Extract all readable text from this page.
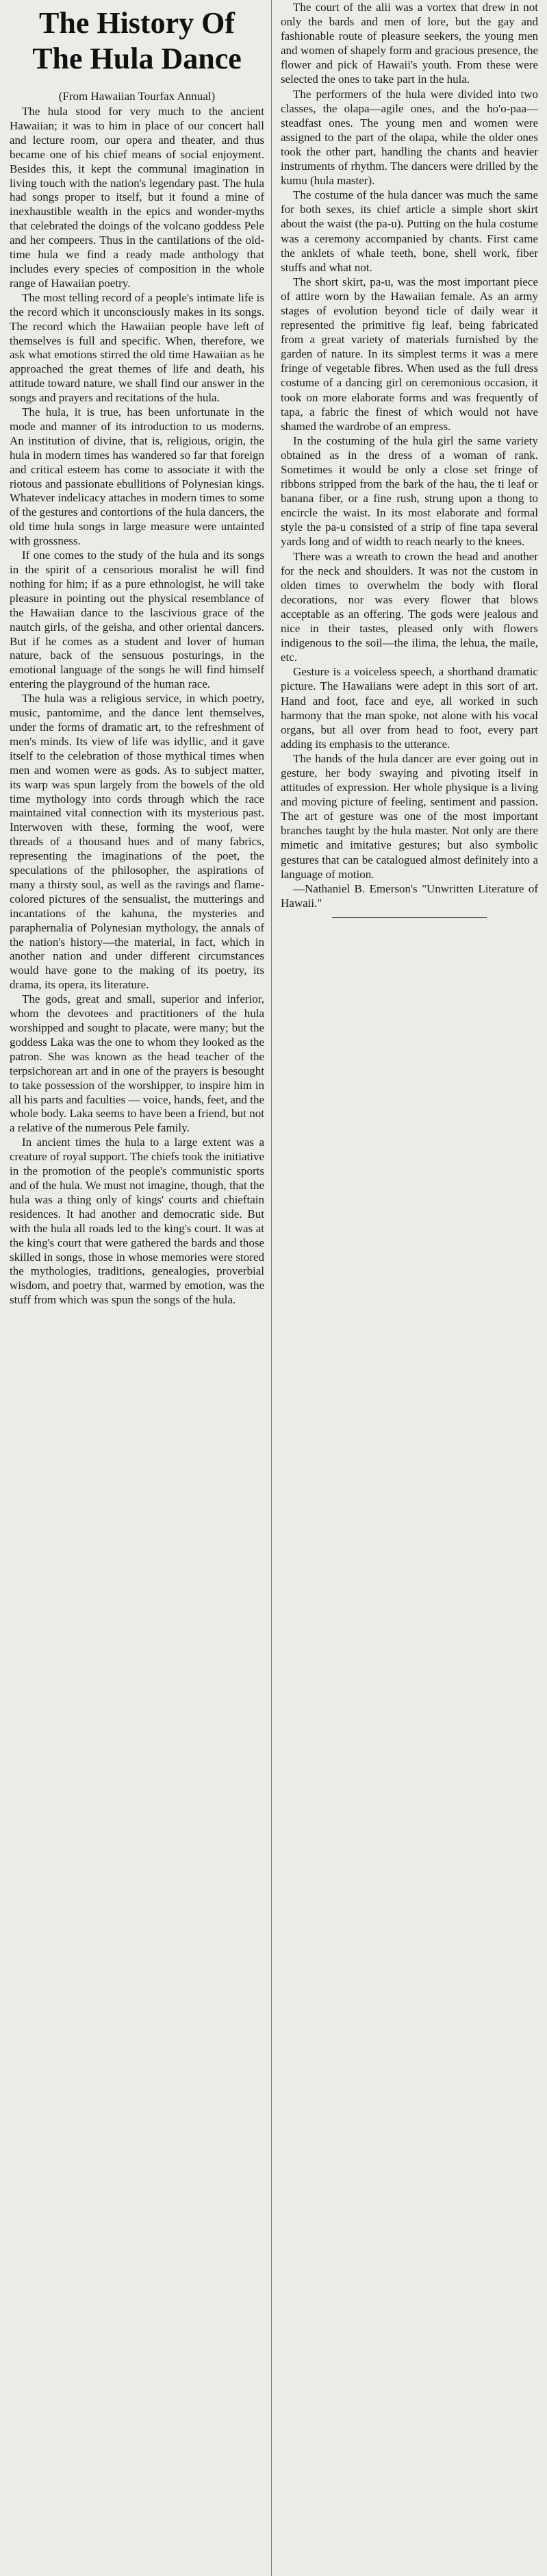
The History Of
The Hula Dance
(From Hawaiian Tourfax Annual)

The hula stood for very much to the ancient Hawaiian; it was to him in place of our concert hall and lecture room, our opera and theater, and thus became one of his chief means of social enjoyment. Besides this, it kept the communal imagination in living touch with the nation's legendary past. The hula had songs proper to itself, but it found a mine of inexhaustible wealth in the epics and wonder-myths that celebrated the doings of the volcano goddess Pele and her compeers. Thus in the cantilations of the old-time hula we find a ready made anthology that includes every species of composition in the whole range of Hawaiian poetry.

The most telling record of a people's intimate life is the record which it unconsciously makes in its songs. The record which the Hawaiian people have left of themselves is full and specific. When, therefore, we ask what emotions stirred the old time Hawaiian as he approached the great themes of life and death, his attitude toward nature, we shall find our answer in the songs and prayers and recitations of the hula.

The hula, it is true, has been unfortunate in the mode and manner of its introduction to us moderns. An institution of divine, that is, religious, origin, the hula in modern times has wandered so far that foreign and critical esteem has come to associate it with the riotous and passionate ebullitions of Polynesian kings. Whatever indelicacy attaches in modern times to some of the gestures and contortions of the hula dancers, the old time hula songs in large measure were untainted with grossness.

If one comes to the study of the hula and its songs in the spirit of a censorious moralist he will find nothing for him; if as a pure ethnologist, he will take pleasure in pointing out the physical resemblance of the Hawaiian dance to the lascivious grace of the nautch girls, of the geisha, and other oriental dancers. But if he comes as a student and lover of human nature, back of the sensuous posturings, in the emotional language of the songs he will find himself entering the playground of the human race.

The hula was a religious service, in which poetry, music, pantomime, and the dance lent themselves, under the forms of dramatic art, to the refreshment of men's minds. Its view of life was idyllic, and it gave itself to the celebration of those mythical times when men and women were as gods. As to subject matter, its warp was spun largely from the bowels of the old time mythology into cords through which the race maintained vital connection with its mysterious past. Interwoven with these, forming the woof, were threads of a thousand hues and of many fabrics, representing the imaginations of the poet, the speculations of the philosopher, the aspirations of many a thirsty soul, as well as the ravings and flame-colored pictures of the sensualist, the mutterings and incantations of the kahuna, the mysteries and paraphernalia of Polynesian mythology, the annals of the nation's history—the material, in fact, which in another nation and under different circumstances would have gone to the making of its poetry, its drama, its opera, its literature.

The gods, great and small, superior and inferior, whom the devotees and practitioners of the hula worshipped and sought to placate, were many; but the goddess Laka was the one to whom they looked as the patron. She was known as the head teacher of the terpsichorean art and in one of the prayers is besought to take possession of the worshipper, to inspire him in all his parts and faculties — voice, hands, feet, and the whole body. Laka seems to have been a friend, but not a relative of the numerous Pele family.

In ancient times the hula to a large extent was a creature of royal support. The chiefs took the initiative in the promotion of the people's communistic sports and of the hula. We must not imagine, though, that the hula was a thing only of kings' courts and chieftain residences. It had another and democratic side. But with the hula all roads led to the king's court. It was at the king's court that were gathered the bards and those skilled in songs, those in whose memories were stored the mythologies, traditions, genealogies, proverbial wisdom, and poetry that, warmed by emotion, was the stuff from which was spun the songs of the hula.

The court of the alii was a vortex that drew in not only the bards and men of lore, but the gay and fashionable route of pleasure seekers, the young men and women of shapely form and gracious presence, the flower and pick of Hawaii's youth. From these were selected the ones to take part in the hula.

The performers of the hula were divided into two classes, the olapa—agile ones, and the ho'o-paa—steadfast ones. The young men and women were assigned to the part of the olapa, while the older ones took the other part, handling the chants and heavier instruments of rhythm. The dancers were drilled by the kumu (hula master).

The costume of the hula dancer was much the same for both sexes, its chief article a simple short skirt about the waist (the pa-u). Putting on the hula costume was a ceremony accompanied by chants. First came the anklets of whale teeth, bone, shell work, fiber stuffs and what not.

The short skirt, pa-u, was the most important piece of attire worn by the Hawaiian female. As an army stages of evolution beyond ticle of daily wear it represented the primitive fig leaf, being fabricated from a great variety of materials furnished by the garden of nature. In its simplest terms it was a mere fringe of vegetable fibres. When used as the full dress costume of a dancing girl on ceremonious occasion, it took on more elaborate forms and was frequently of tapa, a fabric the finest of which would not have shamed the wardrobe of an empress.

In the costuming of the hula girl the same variety obtained as in the dress of a woman of rank. Sometimes it would be only a close set fringe of ribbons stripped from the bark of the hau, the ti leaf or banana fiber, or a fine rush, strung upon a thong to encircle the waist. In its most elaborate and formal style the pa-u consisted of a strip of fine tapa several yards long and of width to reach nearly to the knees.

There was a wreath to crown the head and another for the neck and shoulders. It was not the custom in olden times to overwhelm the body with floral decorations, nor was every flower that blows acceptable as an offering. The gods were jealous and nice in their tastes, pleased only with flowers indigenous to the soil—the ilima, the lehua, the maile, etc.

Gesture is a voiceless speech, a shorthand dramatic picture. The Hawaiians were adept in this sort of art. Hand and foot, face and eye, all worked in such harmony that the man spoke, not alone with his vocal organs, but all over from head to foot, every part adding its emphasis to the utterance.

The hands of the hula dancer are ever going out in gesture, her body swaying and pivoting itself in attitudes of expression. Her whole physique is a living and moving picture of feeling, sentiment and passion. The art of gesture was one of the most important branches taught by the hula master. Not only are there mimetic and imitative gestures; but also symbolic gestures that can be catalogued almost definitely into a language of motion.

—Nathaniel B. Emerson's "Unwritten Literature of Hawaii."
